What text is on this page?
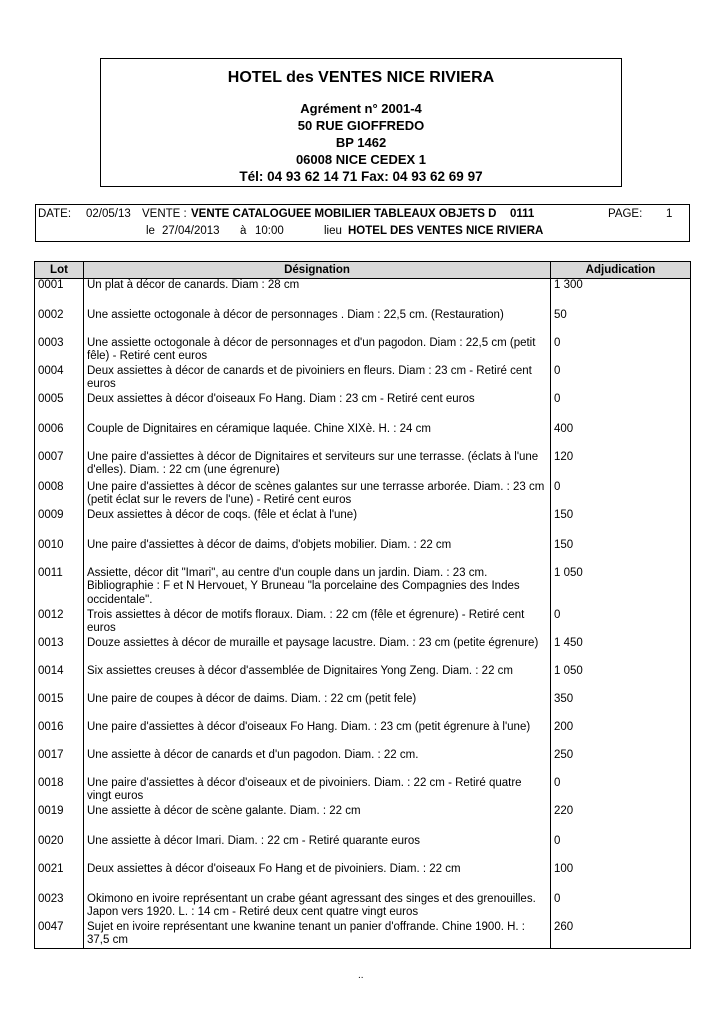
HOTEL des VENTES NICE RIVIERA
Agrément n° 2001-4
50 RUE GIOFFREDO
BP 1462
06008 NICE CEDEX 1
Tél: 04 93 62 14 71 Fax: 04 93 62 69 97
DATE: 02/05/13 VENTE : VENTE CATALOGUEE MOBILIER TABLEAUX OBJETS D 0111	PAGE: 1
le 27/04/2013 à 10:00	lieu HOTEL DES VENTES NICE RIVIERA
Lot	Désignation	Adjudication
0001	Un plat à décor de canards. Diam : 28 cm	1 300
0002	Une assiette octogonale à décor de personnages . Diam : 22,5 cm. (Restauration)	50
0003	Une assiette octogonale à décor de personnages et d'un pagodon. Diam : 22,5 cm (petit fêle) - Retiré cent euros	0
0004	Deux assiettes à décor de canards et de pivoiniers en fleurs. Diam : 23 cm - Retiré cent euros	0
0005	Deux assiettes à décor d'oiseaux Fo Hang. Diam : 23 cm - Retiré cent euros	0
0006	Couple de Dignitaires en céramique laquée. Chine XIXè. H. : 24 cm	400
0007	Une paire d'assiettes à décor de Dignitaires et serviteurs sur une terrasse. (éclats à l'une d'elles). Diam. : 22 cm (une égrenure)	120
0008	Une paire d'assiettes à décor de scènes galantes sur une terrasse arborée. Diam. : 23 cm (petit éclat sur le revers de l'une) - Retiré cent euros	0
0009	Deux assiettes à décor de coqs. (fêle et éclat à l'une)	150
0010	Une paire d'assiettes à décor de daims, d'objets mobilier. Diam. : 22 cm	150
0011	Assiette, décor dit "Imari", au centre d'un couple dans un jardin. Diam. : 23 cm. Bibliographie : F et N Hervouet, Y Bruneau "la porcelaine des Compagnies des Indes occidentale".	1 050
0012	Trois assiettes à décor de motifs floraux. Diam. : 22 cm (fêle et égrenure) - Retiré cent euros	0
0013	Douze assiettes à décor de muraille et paysage lacustre. Diam. : 23 cm (petite égrenure)	1 450
0014	Six assiettes creuses à décor d'assemblée de Dignitaires Yong Zeng. Diam. : 22 cm	1 050
0015	Une paire de coupes à décor de daims. Diam. : 22 cm (petit fele)	350
0016	Une paire d'assiettes à décor d'oiseaux Fo Hang. Diam. : 23 cm (petit égrenure à l'une)	200
0017	Une assiette à décor de canards et d'un pagodon. Diam. : 22 cm.	250
0018	Une paire d'assiettes à décor d'oiseaux et de pivoiniers. Diam. : 22 cm - Retiré quatre vingt euros	0
0019	Une assiette à décor de scène galante. Diam. : 22 cm	220
0020	Une assiette à décor Imari. Diam. : 22 cm - Retiré quarante euros	0
0021	Deux assiettes à décor d'oiseaux Fo Hang et de pivoiniers. Diam. : 22 cm	100
0023	Okimono en ivoire représentant un crabe géant agressant des singes et des grenouilles. Japon vers 1920. L. : 14 cm - Retiré deux cent quatre vingt euros	0
0047	Sujet en ivoire représentant une kwanine tenant un panier d'offrande. Chine 1900. H. : 37,5 cm	260
..
